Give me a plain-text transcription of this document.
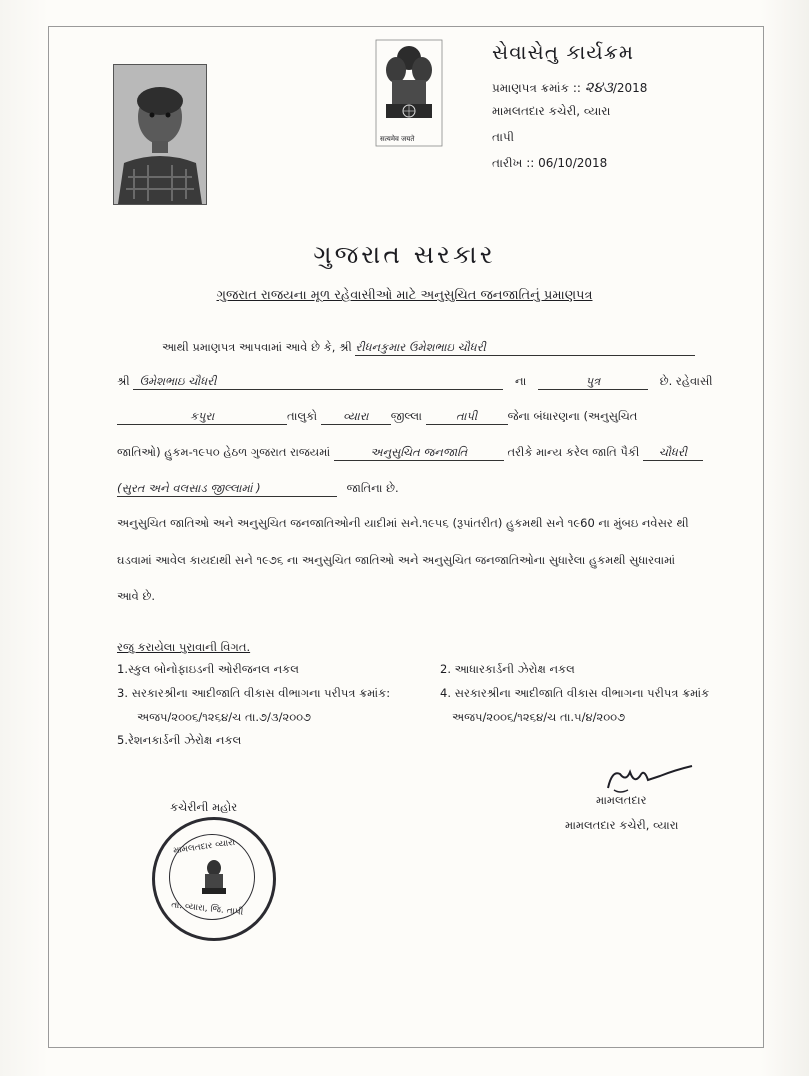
सत्यमेव जयते
સેવાસેતુ કાર્યક્રમ
પ્રમાણપત્ર ક્રમાંક :: ૨૪૩/2018
મામલતદાર કચેરી, વ્યારા
તાપી
તારીખ :: 06/10/2018
ગુજરાત સરકાર
ગુજરાત રાજયના મૂળ રહેવાસીઓ માટે અનુસુચિત જનજાતિનું પ્રમાણપત્ર
આથી પ્રમાણપત્ર આપવામાં આવે છે કે, શ્રી રીધનકુમાર ઉમેશભાઇ ચૌધરી
શ્રી ઉમેશભાઇ ચૌધરી	ના	પુત્ર	છે. રહેવાસી
કપુરા	તાલુકો વ્યારા જીલ્લા	તાપી	જેના બંધારણના (અનુસુચિત
જાતિઓ) હુકમ-૧૯૫૦ હેઠળ ગુજરાત રાજયમાં	અનુસુચિત જનજાતિ	તરીકે માન્ય કરેલ જાતિ પૈકી ચૌધરી
(સુરત અને વલસાડ જીલ્લામાં )	જાતિના છે.
અનુસુચિત જાતિઓ અને અનુસુચિત જનજાતિઓની યાદીમાં સને.૧૯૫૬ (રૂપાંતરીત) હુકમથી સને ૧૯60 ના મુંબઇ નવેસર થી
ઘડવામાં આવેલ કાયદાથી સને ૧૯૭૬ ના અનુસુચિત જાતિઓ અને અનુસુચિત જનજાતિઓના સુધારેલા હુકમથી સુધારવામાં
આવે છે.
રજુ કરાયેલા પુરાવાની વિગત.
1.સ્કુલ બોનોફાઇડની ઓરીજનલ નકલ	2. આધારકાર્ડની ઝેરોક્ષ નકલ
3. સરકારશ્રીના આદીજાતિ વીકાસ વીભાગના પરીપત્ર ક્રમાંક:	4. સરકારશ્રીના આદીજાતિ વીકાસ વીભાગના પરીપત્ર ક્રમાંક
અજપ/૨૦૦૬/૧૨૬૪/ચ તા.૭/૩/૨૦૦૭	અજપ/૨૦૦૬/૧૨૬૪/ચ તા.૫/૪/૨૦૦૭
5.રેશનકાર્ડની ઝેરોક્ષ નકલ
મામલતદાર
મામલતદાર કચેરી, વ્યારા
કચેરીની મહોર
મામલતદાર વ્યારા
તા. વ્યારા, જિ. તાપી
